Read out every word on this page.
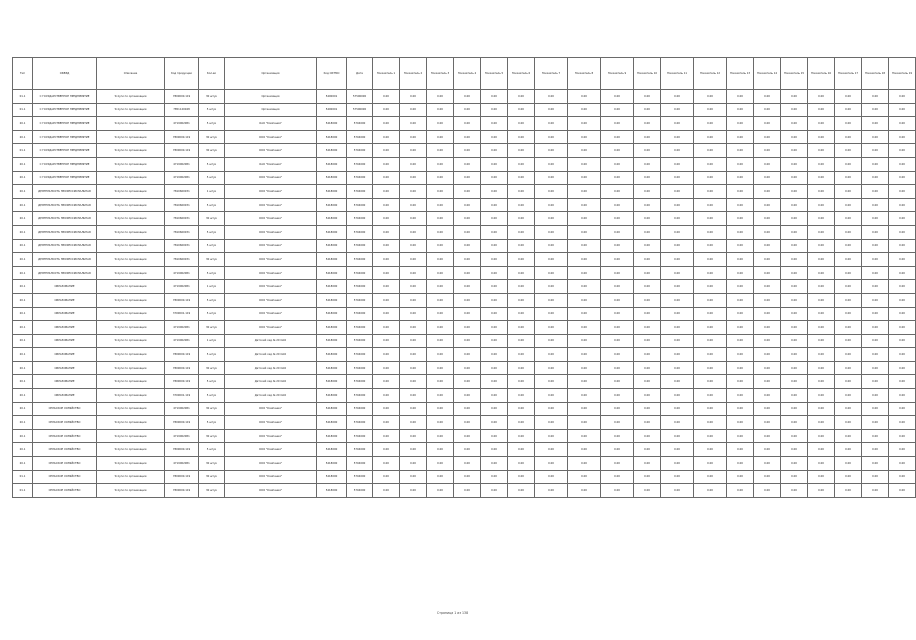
Тип	ОКВЭД	Описание	Код продукции	Кол-во	Организация	Код ОКТМО	Дата	Показатель 1	Показатель 2	Показатель 3	Показатель 4	Показатель 5	Показатель 6	Показатель 7	Показатель 8	Показатель 9	Показатель 10	Показатель 11	Показатель 12	Показатель 13	Показатель 14	Показатель 15	Показатель 16	Показатель 17	Показатель 18	Показатель 19
01.1	С ГОСУДАРСТВЕННОЕ ПРЕДПРИЯТИЕ	Услуги по организации	7800000.119	30 штук	Организация	5400001	57500000	0.00	0.00	0.00	0.00	0.00	0.00	0.00	0.00	0.00	0.00	0.00	0.00	0.00	0.00	0.00	0.00	0.00	0.00	0.00
01.1	С ГОСУДАРСТВЕННОЕ ПРЕДПРИЯТИЕ	Услуги по организации	7851120048	5 штук	Организация	5400001	57500000	0.00	0.00	0.00	0.00	0.00	0.00	0.00	0.00	0.00	0.00	0.00	0.00	0.00	0.00	0.00	0.00	0.00	0.00	0.00
20.1	С ГОСУДАРСТВЕННОЕ ПРЕДПРИЯТИЕ	Услуги по организации	4719002081	5 штук	ОАО "Компания"	5418000	5704000	0.00	0.00	0.00	0.00	0.00	0.00	0.00	0.00	0.00	0.00	0.00	0.00	0.00	0.00	0.00	0.00	0.00	0.00	0.00
20.1	С ГОСУДАРСТВЕННОЕ ПРЕДПРИЯТИЕ	Услуги по организации	7800000.119	30 штук	ООО "Компания"	5418000	5704000	0.00	0.00	0.00	0.00	0.00	0.00	0.00	0.00	0.00	0.00	0.00	0.00	0.00	0.00	0.00	0.00	0.00	0.00	0.00
01.1	С ГОСУДАРСТВЕННОЕ ПРЕДПРИЯТИЕ	Услуги по организации	7800000.119	30 штук	ООО "Компания"	5418000	5704000	0.00	0.00	0.00	0.00	0.00	0.00	0.00	0.00	0.00	0.00	0.00	0.00	0.00	0.00	0.00	0.00	0.00	0.00	0.00
20.1	С ГОСУДАРСТВЕННОЕ ПРЕДПРИЯТИЕ	Услуги по организации	4719002081	5 штук	ОАО "Компания"	5418000	5704000	0.00	0.00	0.00	0.00	0.00	0.00	0.00	0.00	0.00	0.00	0.00	0.00	0.00	0.00	0.00	0.00	0.00	0.00	0.00
20.1	С ГОСУДАРСТВЕННОЕ ПРЕДПРИЯТИЕ	Услуги по организации	4719002081	5 штук	ООО "Компания"	5418000	5704000	0.00	0.00	0.00	0.00	0.00	0.00	0.00	0.00	0.00	0.00	0.00	0.00	0.00	0.00	0.00	0.00	0.00	0.00	0.00
20.1	ДЕЯТЕЛЬНОСТЬ ПРОФЕССИОНАЛЬНАЯ	Услуги по организации	7810600031	1 штук	ООО "Компания"	5418000	5704000	0.00	0.00	0.00	0.00	0.00	0.00	0.00	0.00	0.00	0.00	0.00	0.00	0.00	0.00	0.00	0.00	0.00	0.00	0.00
20.1	ДЕЯТЕЛЬНОСТЬ ПРОФЕССИОНАЛЬНАЯ	Услуги по организации	7810600031	5 штук	ООО "Компания"	5418000	5704000	0.00	0.00	0.00	0.00	0.00	0.00	0.00	0.00	0.00	0.00	0.00	0.00	0.00	0.00	0.00	0.00	0.00	0.00	0.00
20.1	ДЕЯТЕЛЬНОСТЬ ПРОФЕССИОНАЛЬНАЯ	Услуги по организации	7810600031	30 штук	ООО "Компания"	5418000	5704000	0.00	0.00	0.00	0.00	0.00	0.00	0.00	0.00	0.00	0.00	0.00	0.00	0.00	0.00	0.00	0.00	0.00	0.00	0.00
20.1	ДЕЯТЕЛЬНОСТЬ ПРОФЕССИОНАЛЬНАЯ	Услуги по организации	7810600031	5 штук	ООО "Компания"	5418000	5704000	0.00	0.00	0.00	0.00	0.00	0.00	0.00	0.00	0.00	0.00	0.00	0.00	0.00	0.00	0.00	0.00	0.00	0.00	0.00
20.1	ДЕЯТЕЛЬНОСТЬ ПРОФЕССИОНАЛЬНАЯ	Услуги по организации	7810600031	5 штук	ООО "Компания"	5418000	5704000	0.00	0.00	0.00	0.00	0.00	0.00	0.00	0.00	0.00	0.00	0.00	0.00	0.00	0.00	0.00	0.00	0.00	0.00	0.00
20.1	ДЕЯТЕЛЬНОСТЬ ПРОФЕССИОНАЛЬНАЯ	Услуги по организации	7810600031	30 штук	ООО "Компания"	5418000	5704000	0.00	0.00	0.00	0.00	0.00	0.00	0.00	0.00	0.00	0.00	0.00	0.00	0.00	0.00	0.00	0.00	0.00	0.00	0.00
20.1	ДЕЯТЕЛЬНОСТЬ ПРОФЕССИОНАЛЬНАЯ	Услуги по организации	4719002081	5 штук	ООО "Компания"	5418000	5704000	0.00	0.00	0.00	0.00	0.00	0.00	0.00	0.00	0.00	0.00	0.00	0.00	0.00	0.00	0.00	0.00	0.00	0.00	0.00
20.1	ОБРАЗОВАНИЕ	Услуги по организации	4719002081	1 штук	ООО "Компания"	5418000	5704000	0.00	0.00	0.00	0.00	0.00	0.00	0.00	0.00	0.00	0.00	0.00	0.00	0.00	0.00	0.00	0.00	0.00	0.00	0.00
20.1	ОБРАЗОВАНИЕ	Услуги по организации	7800000.119	5 штук	ООО "Компания"	5418000	5704000	0.00	0.00	0.00	0.00	0.00	0.00	0.00	0.00	0.00	0.00	0.00	0.00	0.00	0.00	0.00	0.00	0.00	0.00	0.00
20.1	ОБРАЗОВАНИЕ	Услуги по организации	3700001.119	5 штук	ООО "Компания"	5418000	5704000	0.00	0.00	0.00	0.00	0.00	0.00	0.00	0.00	0.00	0.00	0.00	0.00	0.00	0.00	0.00	0.00	0.00	0.00	0.00
20.1	ОБРАЗОВАНИЕ	Услуги по организации	4719002081	30 штук	ООО "Компания"	5418000	5704000	0.00	0.00	0.00	0.00	0.00	0.00	0.00	0.00	0.00	0.00	0.00	0.00	0.00	0.00	0.00	0.00	0.00	0.00	0.00
20.1	ОБРАЗОВАНИЕ	Услуги по организации	4719002081	1 штук	Детский сад № 20 ОАО	5418000	5704000	0.00	0.00	0.00	0.00	0.00	0.00	0.00	0.00	0.00	0.00	0.00	0.00	0.00	0.00	0.00	0.00	0.00	0.00	0.00
20.1	ОБРАЗОВАНИЕ	Услуги по организации	7800000.119	5 штук	Детский сад № 20 ОАО	5418000	5704000	0.00	0.00	0.00	0.00	0.00	0.00	0.00	0.00	0.00	0.00	0.00	0.00	0.00	0.00	0.00	0.00	0.00	0.00	0.00
20.1	ОБРАЗОВАНИЕ	Услуги по организации	7800000.119	30 штук	Детский сад № 20 ОАО	5418000	5704000	0.00	0.00	0.00	0.00	0.00	0.00	0.00	0.00	0.00	0.00	0.00	0.00	0.00	0.00	0.00	0.00	0.00	0.00	0.00
20.1	ОБРАЗОВАНИЕ	Услуги по организации	7800000.119	5 штук	Детский сад № 20 ОАО	5418000	5704000	0.00	0.00	0.00	0.00	0.00	0.00	0.00	0.00	0.00	0.00	0.00	0.00	0.00	0.00	0.00	0.00	0.00	0.00	0.00
20.1	ОБРАЗОВАНИЕ	Услуги по организации	3700001.119	5 штук	Детский сад № 20 ОАО	5418000	5704000	0.00	0.00	0.00	0.00	0.00	0.00	0.00	0.00	0.00	0.00	0.00	0.00	0.00	0.00	0.00	0.00	0.00	0.00	0.00
20.1	СЕЛЬСКОЕ ХОЗЯЙСТВО	Услуги по организации	4719002081	30 штук	ООО "Компания"	5418000	5704000	0.00	0.00	0.00	0.00	0.00	0.00	0.00	0.00	0.00	0.00	0.00	0.00	0.00	0.00	0.00	0.00	0.00	0.00	0.00
20.1	СЕЛЬСКОЕ ХОЗЯЙСТВО	Услуги по организации	7800000.119	5 штук	ООО "Компания"	5418000	5704000	0.00	0.00	0.00	0.00	0.00	0.00	0.00	0.00	0.00	0.00	0.00	0.00	0.00	0.00	0.00	0.00	0.00	0.00	0.00
20.1	СЕЛЬСКОЕ ХОЗЯЙСТВО	Услуги по организации	4719002081	30 штук	ООО "Компания"	5418000	5704000	0.00	0.00	0.00	0.00	0.00	0.00	0.00	0.00	0.00	0.00	0.00	0.00	0.00	0.00	0.00	0.00	0.00	0.00	0.00
20.1	СЕЛЬСКОЕ ХОЗЯЙСТВО	Услуги по организации	7800000.119	5 штук	ООО "Компания"	5418000	5704000	0.00	0.00	0.00	0.00	0.00	0.00	0.00	0.00	0.00	0.00	0.00	0.00	0.00	0.00	0.00	0.00	0.00	0.00	0.00
20.1	СЕЛЬСКОЕ ХОЗЯЙСТВО	Услуги по организации	4719002081	30 штук	ООО "Компания"	5418000	5704000	0.00	0.00	0.00	0.00	0.00	0.00	0.00	0.00	0.00	0.00	0.00	0.00	0.00	0.00	0.00	0.00	0.00	0.00	0.00
01.1	СЕЛЬСКОЕ ХОЗЯЙСТВО	Услуги по организации	7800000.119	30 штук	ООО "Компания"	5418000	5704000	0.00	0.00	0.00	0.00	0.00	0.00	0.00	0.00	0.00	0.00	0.00	0.00	0.00	0.00	0.00	0.00	0.00	0.00	0.00
01.1	СЕЛЬСКОЕ ХОЗЯЙСТВО	Услуги по организации	7800000.119	30 штук	ООО "Компания"	5418000	5704000	0.00	0.00	0.00	0.00	0.00	0.00	0.00	0.00	0.00	0.00	0.00	0.00	0.00	0.00	0.00	0.00	0.00	0.00	0.00
Страница 1 из 138
